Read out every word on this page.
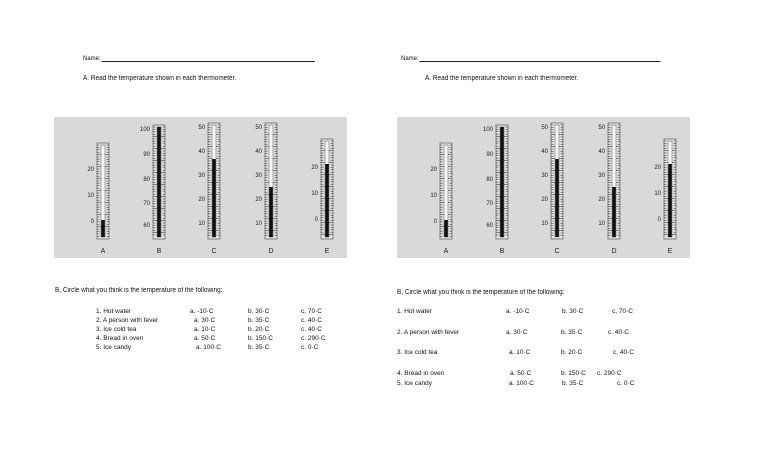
Name:
A. Read the temperature shown in each thermometer.
20
10
0
A
100
90
80
70
60
B
50
40
30
20
10
C
50
40
30
20
10
D
20
10
0
E
B, Circle what you think is the temperature of the following:
1. Hot water	a. -10·C	b. 30·C	c, 70·C
2. A person with fever	a. 30·C	b. 35·C	c. 40·C
3. Ice cold tea	a. 10·C	b. 20·C	c. 40·C
4. Bread in oven	a. 50·C	b. 150·C	c. 290·C
5. Ice candy	a. 100·C	b. 35·C	c. 0·C
Name:
A. Read the temperature shown in each thermometer.
20
10
0
A
100
90
80
70
60
B
50
40
30
20
10
C
50
40
30
20
10
D
20
10
0
E
B, Circle what you think is the temperature of the following:
1. Hot water	a. -10·C	b. 30·C	c, 70·C
2. A person with fever	a. 30·C	b. 35·C	c. 40·C
3. Ice cold tea	a. 10·C	b. 20·C	c. 40·C
4. Bread in oven	a. 50·C	b. 150·C c. 290·C
5. Ice candy	a. 100·C	b. 35·C	c. 0·C
